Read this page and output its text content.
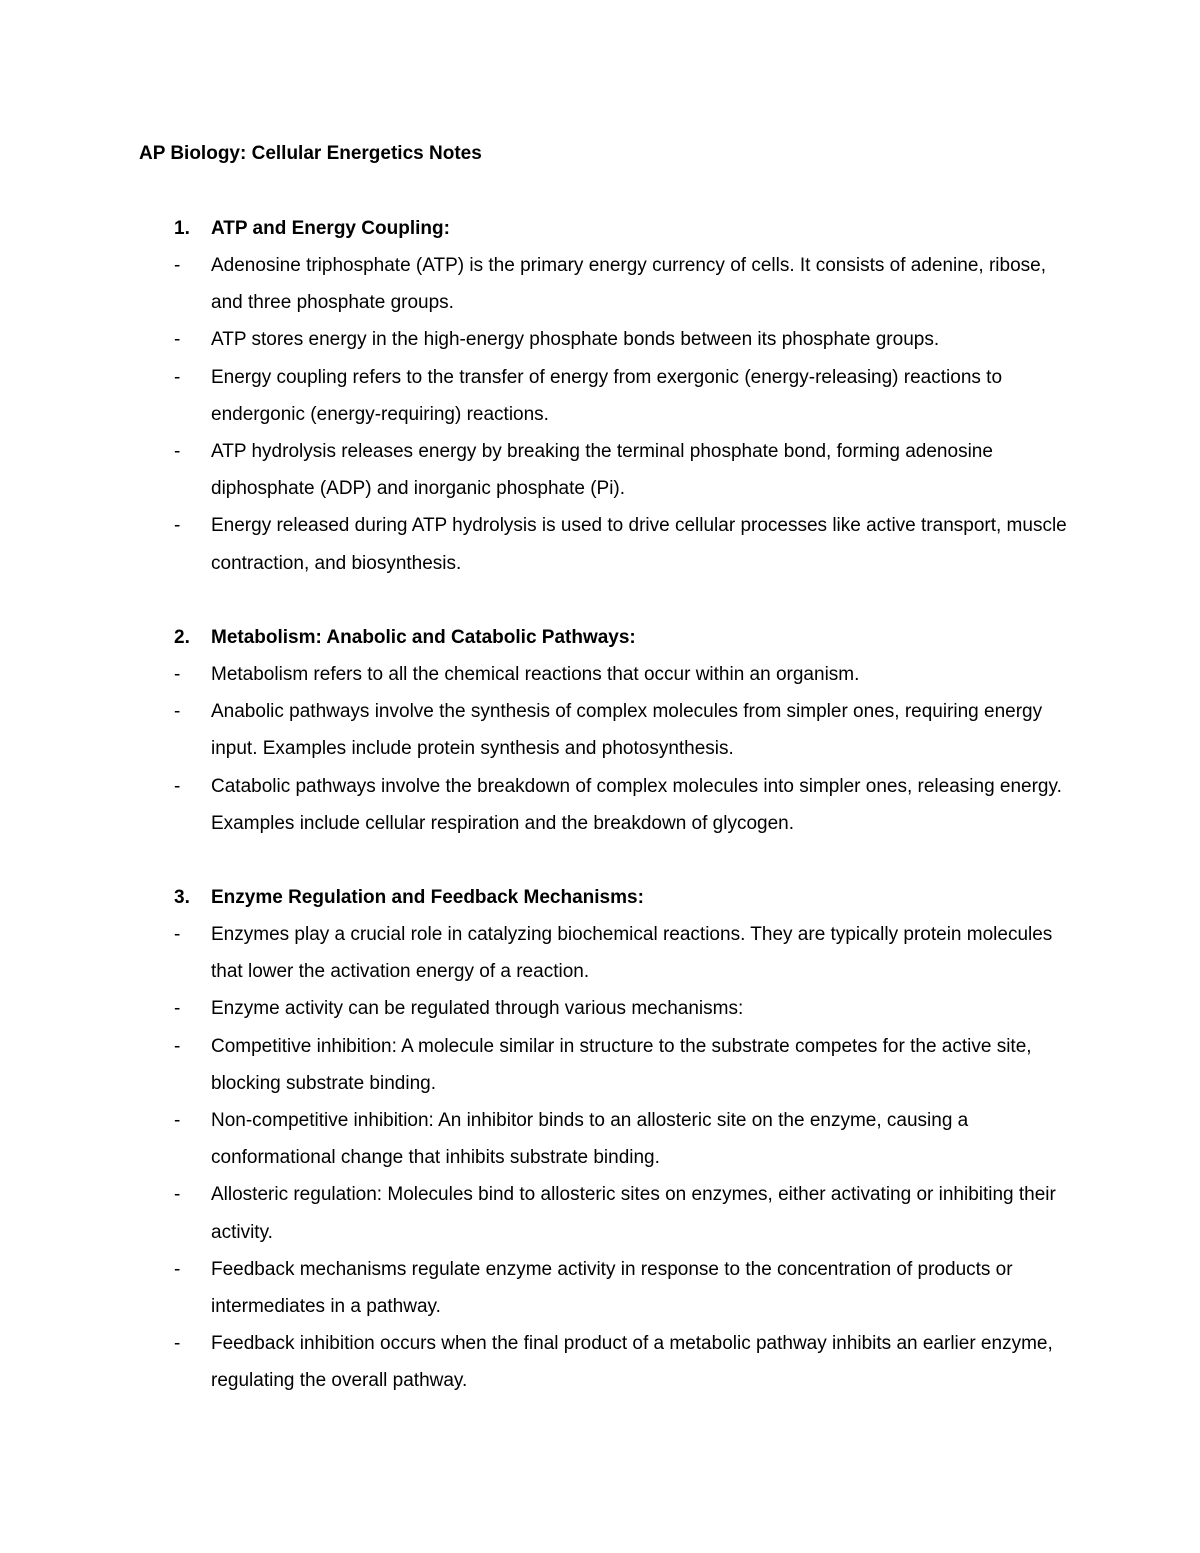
AP Biology: Cellular Energetics Notes
1. ATP and Energy Coupling:
- Adenosine triphosphate (ATP) is the primary energy currency of cells. It consists of adenine, ribose, and three phosphate groups.
- ATP stores energy in the high-energy phosphate bonds between its phosphate groups.
- Energy coupling refers to the transfer of energy from exergonic (energy-releasing) reactions to endergonic (energy-requiring) reactions.
- ATP hydrolysis releases energy by breaking the terminal phosphate bond, forming adenosine diphosphate (ADP) and inorganic phosphate (Pi).
- Energy released during ATP hydrolysis is used to drive cellular processes like active transport, muscle contraction, and biosynthesis.
2. Metabolism: Anabolic and Catabolic Pathways:
- Metabolism refers to all the chemical reactions that occur within an organism.
- Anabolic pathways involve the synthesis of complex molecules from simpler ones, requiring energy input. Examples include protein synthesis and photosynthesis.
- Catabolic pathways involve the breakdown of complex molecules into simpler ones, releasing energy. Examples include cellular respiration and the breakdown of glycogen.
3. Enzyme Regulation and Feedback Mechanisms:
- Enzymes play a crucial role in catalyzing biochemical reactions. They are typically protein molecules that lower the activation energy of a reaction.
- Enzyme activity can be regulated through various mechanisms:
- Competitive inhibition: A molecule similar in structure to the substrate competes for the active site, blocking substrate binding.
- Non-competitive inhibition: An inhibitor binds to an allosteric site on the enzyme, causing a conformational change that inhibits substrate binding.
- Allosteric regulation: Molecules bind to allosteric sites on enzymes, either activating or inhibiting their activity.
- Feedback mechanisms regulate enzyme activity in response to the concentration of products or intermediates in a pathway.
- Feedback inhibition occurs when the final product of a metabolic pathway inhibits an earlier enzyme, regulating the overall pathway.
